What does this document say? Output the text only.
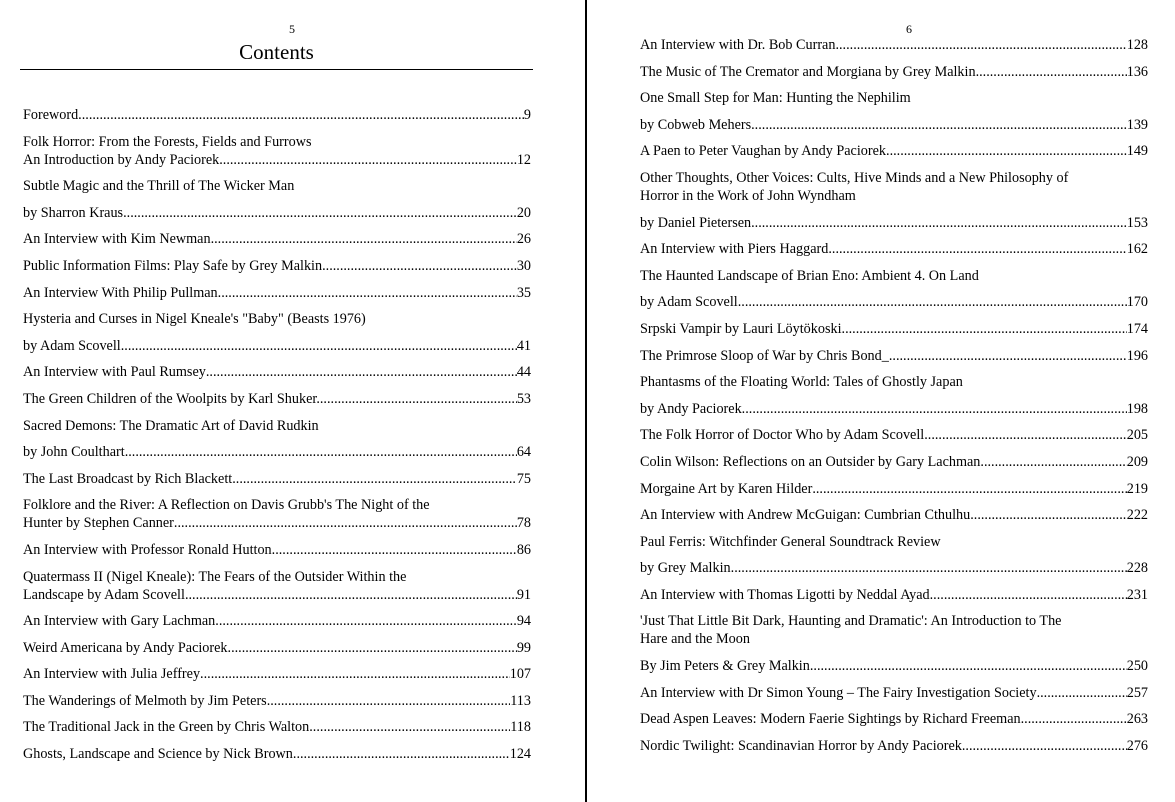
5
Contents
Foreword .....	9
Folk Horror: From the Forests, Fields and Furrows
An Introduction by Andy Paciorek .....	12
Subtle Magic and the Thrill of The Wicker Man
by Sharron Kraus .....	20
An Interview with Kim Newman .....	26
Public Information Films: Play Safe by Grey Malkin .....	30
An Interview With Philip Pullman .....	35
Hysteria and Curses in Nigel Kneale's "Baby" (Beasts 1976)
by Adam Scovell .....	41
An Interview with Paul Rumsey .....	44
The Green Children of the Woolpits by Karl Shuker. .....	53
Sacred Demons: The Dramatic Art of David Rudkin
by John Coulthart .....	64
The Last Broadcast by Rich Blackett .....	75
Folklore and the River: A Reflection on Davis Grubb's The Night of the
Hunter by Stephen Canner .....	78
An Interview with Professor Ronald Hutton .....	86
Quatermass II (Nigel Kneale): The Fears of the Outsider Within the
Landscape by Adam Scovell .....	91
An Interview with Gary Lachman .....	94
Weird Americana by Andy Paciorek .....	99
An Interview with Julia Jeffrey .....	107
The Wanderings of Melmoth by Jim Peters .....	113
The Traditional Jack in the Green by Chris Walton .....	118
Ghosts, Landscape and Science by Nick Brown .....	124
6
An Interview with Dr. Bob Curran .....	128
The Music of The Cremator and Morgiana by Grey Malkin .....	136
One Small Step for Man: Hunting the Nephilim
by Cobweb Mehers .....	139
A Paen to Peter Vaughan by Andy Paciorek .....	149
Other Thoughts, Other Voices: Cults, Hive Minds and a New Philosophy of
Horror in the Work of John Wyndham
by Daniel Pietersen .....	153
An Interview with Piers Haggard .....	162
The Haunted Landscape of Brian Eno: Ambient 4. On Land
by Adam Scovell .....	170
Srpski Vampir by Lauri Löytökoski .....	174
The Primrose Sloop of War by Chris Bond_ .....	196
Phantasms of the Floating World: Tales of Ghostly Japan
by Andy Paciorek .....	198
The Folk Horror of Doctor Who by Adam Scovell .....	205
Colin Wilson: Reflections on an Outsider by Gary Lachman .....	209
Morgaine Art by Karen Hilder .....	219
An Interview with Andrew McGuigan: Cumbrian Cthulhu .....	222
Paul Ferris: Witchfinder General Soundtrack Review
by Grey Malkin .....	228
An Interview with Thomas Ligotti by Neddal Ayad .....	231
'Just That Little Bit Dark, Haunting and Dramatic': An Introduction to The
Hare and the Moon
By Jim Peters & Grey Malkin .....	250
An Interview with Dr Simon Young – The Fairy Investigation Society .....	257
Dead Aspen Leaves: Modern Faerie Sightings by Richard Freeman .....	263
Nordic Twilight: Scandinavian Horror by Andy Paciorek .....	276
